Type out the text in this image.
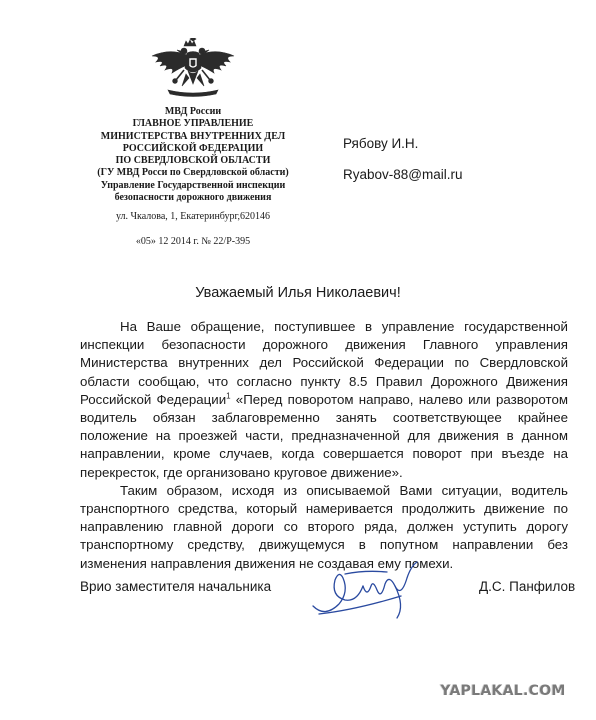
МВД России
ГЛАВНОЕ УПРАВЛЕНИЕ
МИНИСТЕРСТВА ВНУТРЕННИХ ДЕЛ
РОССИЙСКОЙ ФЕДЕРАЦИИ
ПО СВЕРДЛОВСКОЙ ОБЛАСТИ
(ГУ МВД Росcи по Свердловской области)
Управление Государственной инспекции
безопасности дорожного движения
ул. Чкалова, 1, Екатеринбург,620146
«05» 12 2014 г. № 22/Р-395
Рябову И.Н.
Ryabov-88@mail.ru
Уважаемый Илья Николаевич!

На Ваше обращение, поступившее в управление государственной инспекции безопасности дорожного движения Главного управления Министерства внутренних дел Российской Федерации по Свердловской области сообщаю, что согласно пункту 8.5 Правил Дорожного Движения Российской Федерации$^1$ «Перед поворотом направо, налево или разворотом водитель обязан заблаговременно занять соответствующее крайнее положение на проезжей части, предназначенной для движения в данном направлении, кроме случаев, когда совершается поворот при въезде на перекресток, где организовано круговое движение».

Таким образом, исходя из описываемой Вами ситуации, водитель транспортного средства, который намеривается продолжить движение по направлению главной дороги со второго ряда, должен уступить дорогу транспортному средству, движущемуся в попутном направлении без изменения направления движения не создавая ему помехи.

Врио заместителя начальника	Д.С. Панфилов
YAPLAKAL.COM
